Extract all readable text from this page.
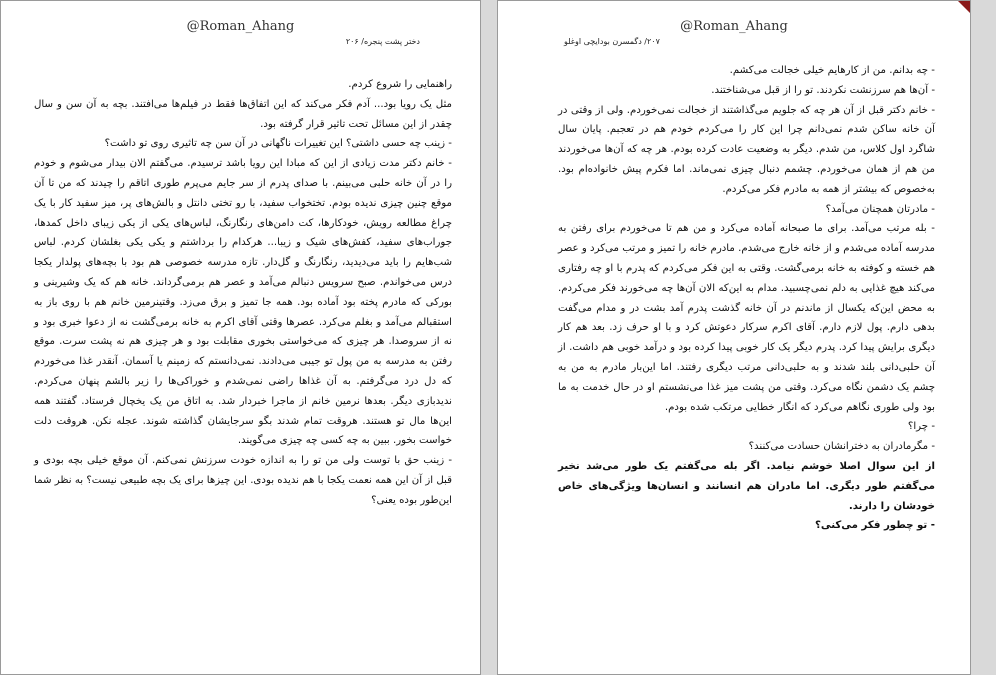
@Roman_Ahang
دختر پشت پنجره/ ۲۰۶

راهنمایی را شروع کردم.

مثل یک رویا بود... آدم فکر می‌کند که این اتفاق‌ها فقط در فیلم‌ها می‌افتند. بچه به آن سن و سال چقدر از این مسائل تحت تاثیر قرار گرفته بود.

- زینب چه حسی داشتی؟ این تغییرات ناگهانی در آن سن چه تاثیری روی تو داشت؟

- خانم دکتر مدت زیادی از این که مبادا این رویا باشد ترسیدم. می‌گفتم الان بیدار می‌شوم و خودم را در آن خانه حلبی می‌بینم. با صدای پدرم از سر جایم می‌پرم طوری اتاقم را چیدند که من تا آن موقع چنین چیزی ندیده بودم. تختخواب سفید، با رو تختی دانتل و بالش‌های پر، میز سفید کار با یک چراغ مطالعه رویش، خودکارها، کت دامن‌های رنگارنگ، لباس‌های یکی از یکی زیبای داخل کمدها، جوراب‌های سفید، کفش‌های شیک و زیبا... هرکدام را برداشتم و یکی یکی بغلشان کردم. لباس شب‌هایم را باید می‌دیدید، رنگارنگ و گل‌دار. تازه مدرسه خصوصی هم بود با بچه‌های پولدار یکجا درس می‌خواندم. صبح سرویس دنبالم می‌آمد و عصر هم برمی‌گرداند. خانه هم که یک وشیرینی و بورکی که مادرم پخته بود آماده بود. همه جا تمیز و برق می‌زد. وقتینرمین خانم هم با روی باز به استقبالم می‌آمد و بغلم می‌کرد. عصرها وقتی آقای اکرم به خانه برمی‌گشت نه از دعوا خبری بود و نه از سروصدا. هر چیزی که می‌خواستی بخوری مقابلت بود و هر چیزی هم نه پشت سرت. موقع رفتن به مدرسه به من پول تو جیبی می‌دادند. نمی‌دانستم که زمینم یا آسمان. آنقدر غذا می‌خوردم که دل درد می‌گرفتم. به آن غذاها راضی نمی‌شدم و خوراکی‌ها را زیر بالشم پنهان می‌کردم. ندیدبازی دیگر. بعدها نرمین خانم از ماجرا خبردار شد. به اتاق من یک یخچال فرستاد. گفتند همه این‌ها مال تو هستند. هروقت تمام شدند بگو سرجایشان گذاشته شوند. عجله نکن. هروقت دلت خواست بخور. ببین به چه کسی چه چیزی می‌گویند.

- زینب حق با توست ولی من تو را به اندازه خودت سرزنش نمی‌کنم. آن موقع خیلی بچه بودی و قبل از آن این همه نعمت یکجا با هم ندیده بودی. این چیزها برای یک بچه طبیعی نیست؟ به نظر شما این‌طور بوده یعنی؟

@Roman_Ahang
۲۰۷/ دگمسرن بودایچی اوغلو

- چه بدانم. من از کارهایم خیلی خجالت می‌کشم.

- آن‌ها هم سرزنشت نکردند. تو را از قبل می‌شناختند.

- خانم دکتر قبل از آن هر چه که جلویم می‌گذاشتند از خجالت نمی‌خوردم. ولی از وقتی در آن خانه ساکن شدم نمی‌دانم چرا این کار را می‌کردم خودم هم در تعجبم. پایان سال شاگرد اول کلاس، من شدم. دیگر به وضعیت عادت کرده بودم. هر چه که آن‌ها می‌خوردند من هم از همان می‌خوردم. چشمم دنبال چیزی نمی‌ماند. اما فکرم پیش خانواده‌ام بود. به‌خصوص که بیشتر از همه به مادرم فکر می‌کردم.

- مادرتان همچنان می‌آمد؟

- بله مرتب می‌آمد. برای ما صبحانه آماده می‌کرد و من هم تا می‌خوردم برای رفتن به مدرسه آماده می‌شدم و از خانه خارج می‌شدم. مادرم خانه را تمیز و مرتب می‌کرد و عصر هم خسته و کوفته به خانه برمی‌گشت. وقتی به این فکر می‌کردم که پدرم با او چه رفتاری می‌کند هیچ غذایی به دلم نمی‌چسبید. مدام به این‌که الان آن‌ها چه می‌خورند فکر می‌کردم. به محض این‌که یکسال از ماندنم در آن خانه گذشت پدرم آمد بشت در و مدام می‌گفت بدهی دارم. پول لازم دارم. آقای اکرم سرکار دعوتش کرد و با او حرف زد. بعد هم کار دیگری برایش پیدا کرد. پدرم دیگر یک کار خوبی پیدا کرده بود و درآمد خوبی هم داشت. از آن حلبی‌دانی بلند شدند و به حلبی‌دانی مرتب دیگری رفتند. اما این‌بار مادرم به من به چشم یک دشمن نگاه می‌کرد. وقتی من پشت میز غذا می‌نشستم او در حال خدمت به ما بود ولی طوری نگاهم می‌کرد که انگار خطایی مرتکب شده بودم.

- چرا؟

- مگرمادران به دخترانشان حسادت می‌کنند؟

از این سوال اصلا خوشم نیامد. اگر بله می‌گفتم یک طور می‌شد نخیر می‌گفتم طور دیگری. اما مادران هم انسانند و انسان‌ها ویژگی‌های خاص خودشان را دارند.

- تو چطور فکر می‌کنی؟
